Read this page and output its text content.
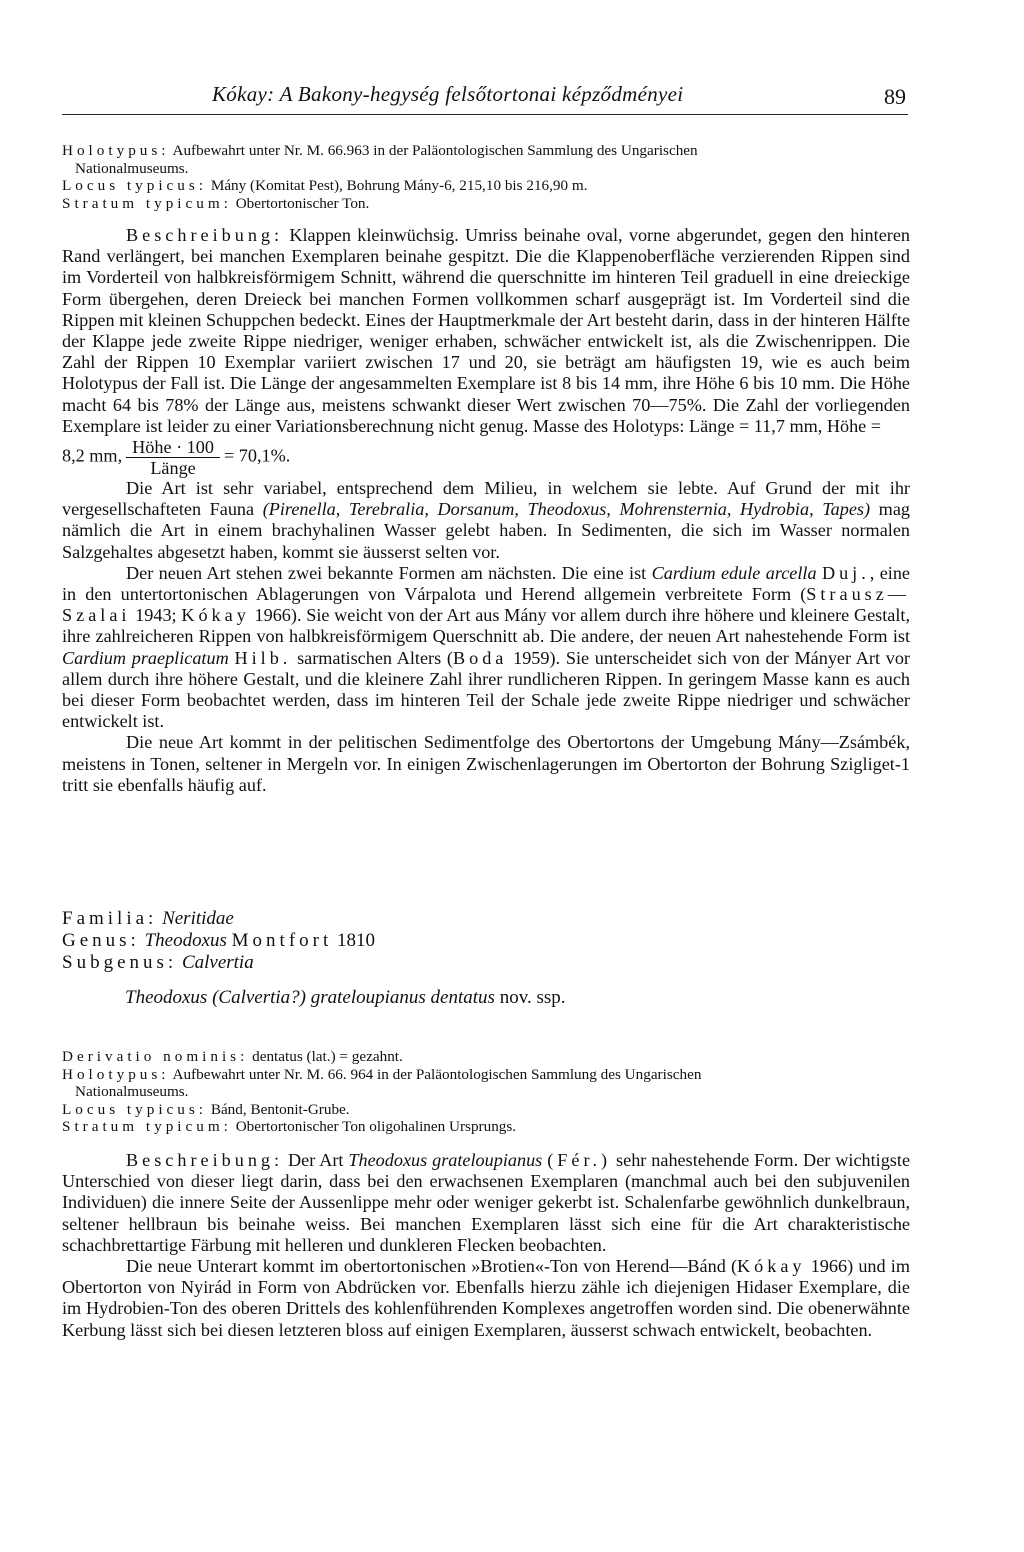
Kókay: A Bakony-hegység felsőtortonai képződményei	89
Holotypus: Aufbewahrt unter Nr. M. 66.963 in der Paläontologischen Sammlung des Ungarischen
Nationalmuseums.
Locus typicus: Mány (Komitat Pest), Bohrung Mány-6, 215,10 bis 216,90 m.
Stratum typicum: Obertortonischer Ton.

Beschreibung: Klappen kleinwüchsig. Umriss beinahe oval, vorne abgerundet, gegen den hinteren Rand verlängert, bei manchen Exemplaren beinahe gespitzt. Die die Klappenoberfläche verzierenden Rippen sind im Vorderteil von halbkreisförmigem Schnitt, während die querschnitte im hinteren Teil graduell in eine dreieckige Form übergehen, deren Dreieck bei manchen Formen vollkommen scharf ausgeprägt ist. Im Vorderteil sind die Rippen mit kleinen Schuppchen bedeckt. Eines der Hauptmerkmale der Art besteht darin, dass in der hinteren Hälfte der Klappe jede zweite Rippe niedriger, weniger erhaben, schwächer entwickelt ist, als die Zwischenrippen. Die Zahl der Rippen 10 Exemplar variiert zwischen 17 und 20, sie beträgt am häufigsten 19, wie es auch beim Holotypus der Fall ist. Die Länge der angesammelten Exemplare ist 8 bis 14 mm, ihre Höhe 6 bis 10 mm. Die Höhe macht 64 bis 78% der Länge aus, meistens schwankt dieser Wert zwischen 70—75%. Die Zahl der vorliegenden Exemplare ist leider zu einer Variationsberechnung nicht genug. Masse des Holotyps: Länge = 11,7 mm, Höhe =

8,2 mm, $\frac{\text{Höhe · 100}}{\text{Länge}} = 70,1\%$.

Die Art ist sehr variabel, entsprechend dem Milieu, in welchem sie lebte. Auf Grund der mit ihr vergesellschafteten Fauna (Pirenella, Terebralia, Dorsanum, Theodoxus, Mohrensternia, Hydrobia, Tapes) mag nämlich die Art in einem brachyhalinen Wasser gelebt haben. In Sedimenten, die sich im Wasser normalen Salzgehaltes abgesetzt haben, kommt sie äusserst selten vor.

Der neuen Art stehen zwei bekannte Formen am nächsten. Die eine ist Cardium edule arcella Duj., eine in den untertortonischen Ablagerungen von Várpalota und Herend allgemein verbreitete Form (Strausz—Szalai 1943; Kókay 1966). Sie weicht von der Art aus Mány vor allem durch ihre höhere und kleinere Gestalt, ihre zahlreicheren Rippen von halbkreisförmigem Querschnitt ab. Die andere, der neuen Art nahestehende Form ist Cardium praeplicatum Hilb. sarmatischen Alters (Boda 1959). Sie unterscheidet sich von der Mányer Art vor allem durch ihre höhere Gestalt, und die kleinere Zahl ihrer rundlicheren Rippen. In geringem Masse kann es auch bei dieser Form beobachtet werden, dass im hinteren Teil der Schale jede zweite Rippe niedriger und schwächer entwickelt ist.

Die neue Art kommt in der pelitischen Sedimentfolge des Obertortons der Umgebung Mány—Zsámbék, meistens in Tonen, seltener in Mergeln vor. In einigen Zwischenlagerungen im Obertorton der Bohrung Szigliget-1 tritt sie ebenfalls häufig auf.

Familia: Neritidae
Genus: Theodoxus Montfort 1810
Subgenus: Calvertia
Theodoxus (Calvertia?) grateloupianus dentatus nov. ssp.
Derivatio nominis: dentatus (lat.) = gezahnt.
Holotypus: Aufbewahrt unter Nr. M. 66. 964 in der Paläontologischen Sammlung des Ungarischen
Nationalmuseums.
Locus typicus: Bánd, Bentonit-Grube.
Stratum typicum: Obertortonischer Ton oligohalinen Ursprungs.

Beschreibung: Der Art Theodoxus grateloupianus (Fér.) sehr nahestehende Form. Der wichtigste Unterschied von dieser liegt darin, dass bei den erwachsenen Exemplaren (manchmal auch bei den subjuvenilen Individuen) die innere Seite der Aussenlippe mehr oder weniger gekerbt ist. Schalenfarbe gewöhnlich dunkelbraun, seltener hellbraun bis beinahe weiss. Bei manchen Exemplaren lässt sich eine für die Art charakteristische schachbrettartige Färbung mit helleren und dunkleren Flecken beobachten.

Die neue Unterart kommt im obertortonischen »Brotien«-Ton von Herend—Bánd (Kókay 1966) und im Obertorton von Nyirád in Form von Abdrücken vor. Ebenfalls hierzu zähle ich diejenigen Hidaser Exemplare, die im Hydrobien-Ton des oberen Drittels des kohlenführenden Komplexes angetroffen worden sind. Die obenerwähnte Kerbung lässt sich bei diesen letzteren bloss auf einigen Exemplaren, äusserst schwach entwickelt, beobachten.
